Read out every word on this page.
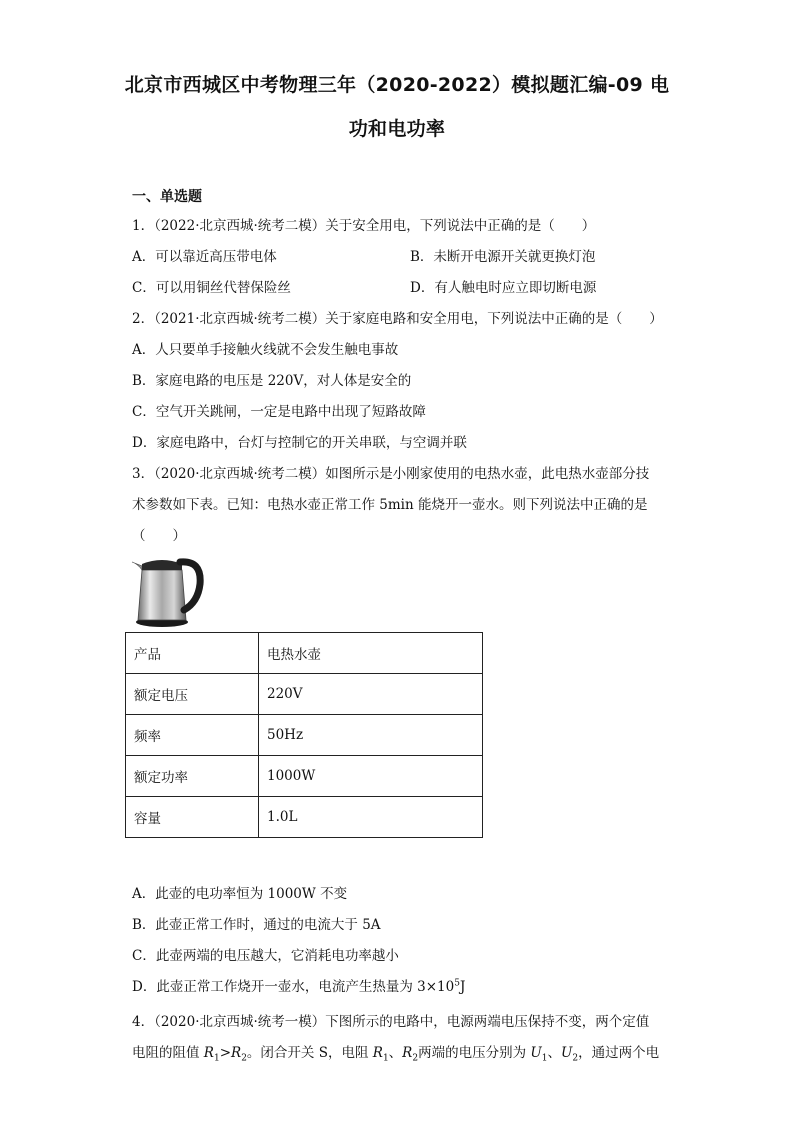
北京市西城区中考物理三年（2020-2022）模拟题汇编-09 电
功和电功率
一、单选题
1．（2022·北京西城·统考二模）关于安全用电，下列说法中正确的是（　　）
A．可以靠近高压带电体	B．未断开电源开关就更换灯泡
C．可以用铜丝代替保险丝	D．有人触电时应立即切断电源
2．（2021·北京西城·统考二模）关于家庭电路和安全用电，下列说法中正确的是（　　）
A．人只要单手接触火线就不会发生触电事故
B．家庭电路的电压是 220V，对人体是安全的
C．空气开关跳闸，一定是电路中出现了短路故障
D．家庭电路中，台灯与控制它的开关串联，与空调并联
3．（2020·北京西城·统考二模）如图所示是小刚家使用的电热水壶，此电热水壶部分技
术参数如下表。已知：电热水壶正常工作 5min 能烧开一壶水。则下列说法中正确的是
（　　）
产品	电热水壶
额定电压	220V
频率	50Hz
额定功率	1000W
容量	1.0L
A．此壶的电功率恒为 1000W 不变
B．此壶正常工作时，通过的电流大于 5A
C．此壶两端的电压越大，它消耗电功率越小
D．此壶正常工作烧开一壶水，电流产生热量为 $3\times 10^5J$
4．（2020·北京西城·统考一模）下图所示的电路中，电源两端电压保持不变，两个定值
电阻的阻值 $R_1>R_2$。闭合开关 S，电阻 $R_1$、$R_2$两端的电压分别为 $U_1$、$U_2$，通过两个电
